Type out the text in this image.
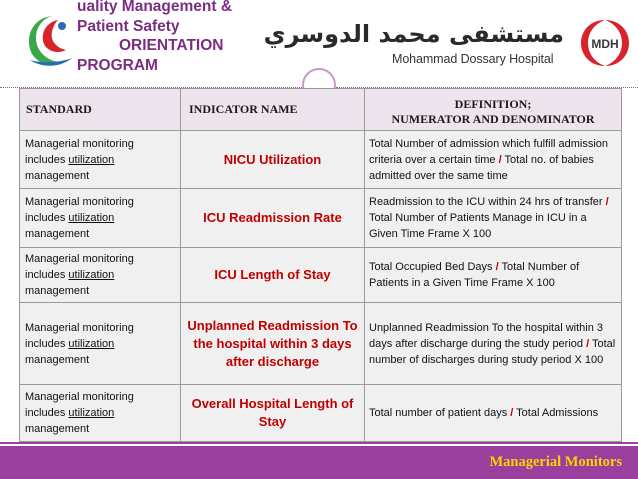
uality Management &
Patient Safety
ORIENTATION
PROGRAM
مستشفى محمد الدوسري
Mohammad Dossary Hospital
MDH
STANDARD	INDICATOR NAME	DEFINITION;
NUMERATOR AND DENOMINATOR

Managerial monitoring includes utilization management	NICU Utilization	Total Number of admission which fulfill admission criteria over a certain time / Total no. of babies admitted over the same time
Managerial monitoring includes utilization management	ICU Readmission Rate	Readmission to the ICU within 24 hrs of transfer / Total Number of Patients Manage in ICU in a Given Time Frame X 100
Managerial monitoring includes utilization management	ICU Length of Stay	Total Occupied Bed Days / Total Number of Patients in a Given Time Frame X 100
Managerial monitoring includes utilization management	Unplanned Readmission To the hospital within 3 days after discharge	Unplanned Readmission To the hospital within 3 days after discharge during the study period / Total number of discharges during study period X 100
Managerial monitoring includes utilization management	Overall Hospital Length of Stay	Total number of patient days / Total Admissions
Managerial Monitors
